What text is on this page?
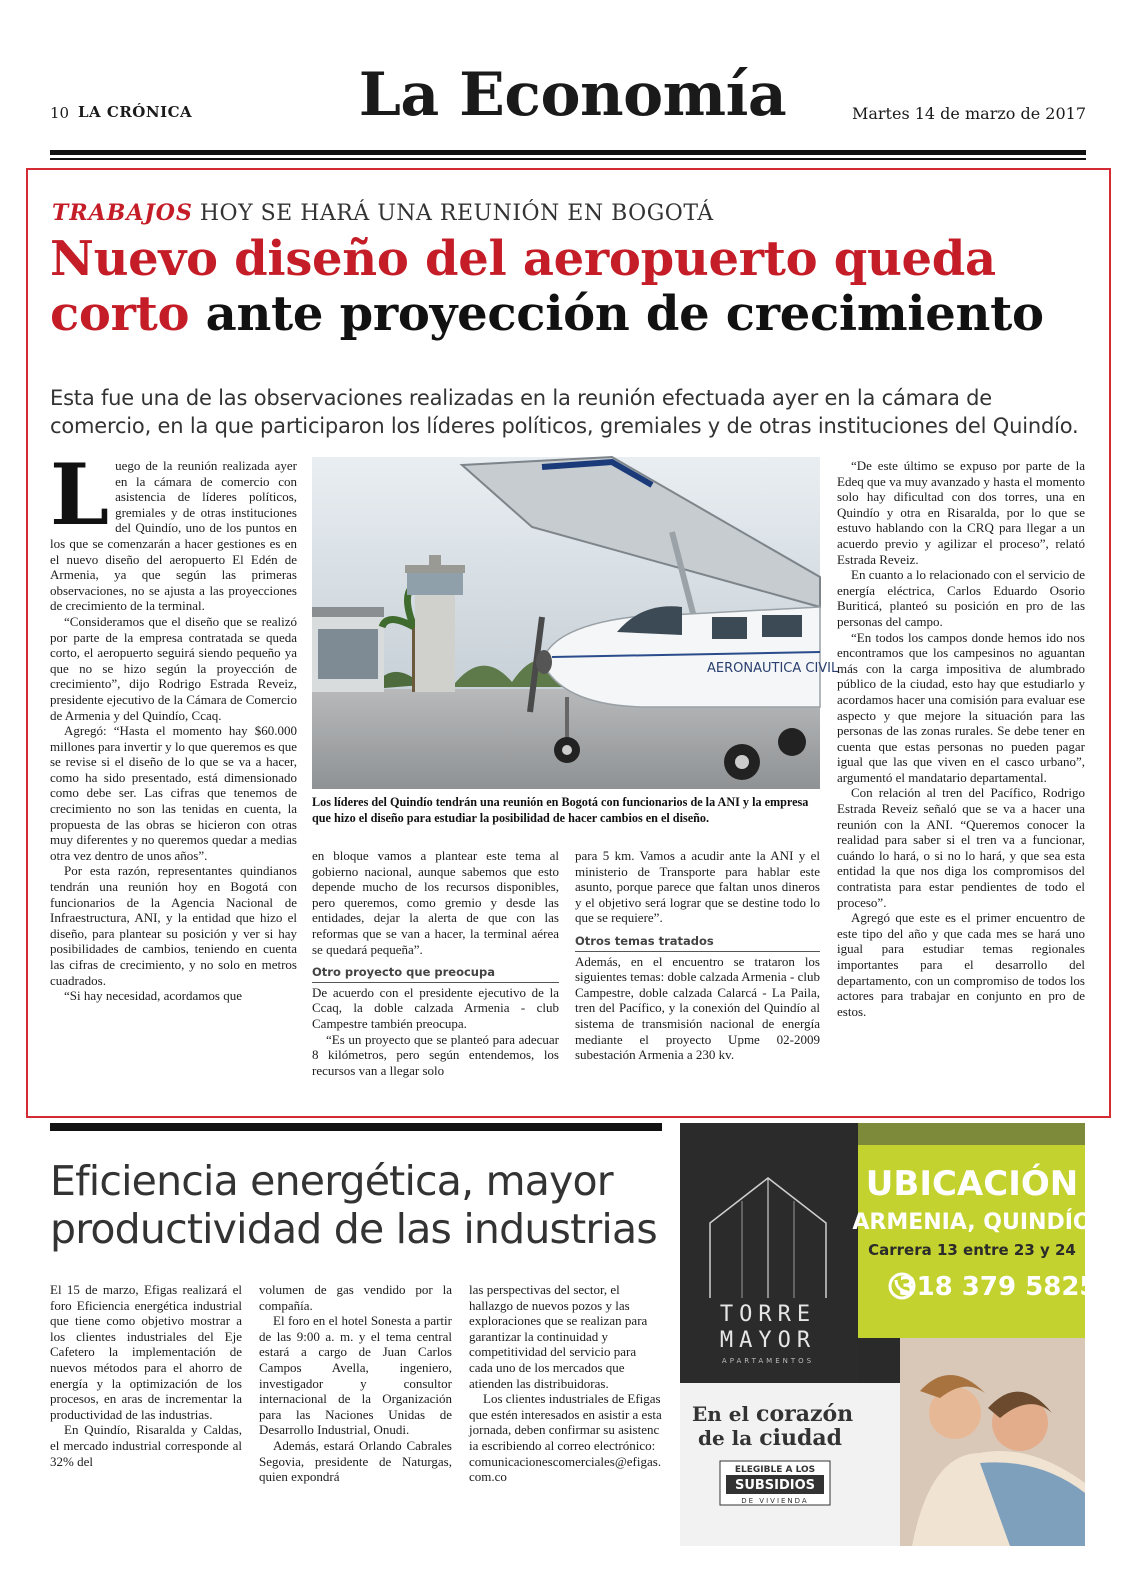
10 LA CRÓNICA	La Economía	Martes 14 de marzo de 2017
TRABAJOS HOY SE HARÁ UNA REUNIÓN EN BOGOTÁ
Nuevo diseño del aeropuerto queda
corto ante proyección de crecimiento
Esta fue una de las observaciones realizadas en la reunión efectuada ayer en la cámara de comercio, en la que participaron los líderes políticos, gremiales y de otras instituciones del Quindío.

Luego de la reunión realizada ayer en la cámara de comercio con asistencia de líderes políticos, gremiales y de otras instituciones del Quindío, uno de los puntos en los que se comenzarán a hacer gestiones es en el nuevo diseño del aeropuerto El Edén de Armenia, ya que según las primeras observaciones, no se ajusta a las proyecciones de crecimiento de la terminal.

“Consideramos que el diseño que se realizó por parte de la empresa contratada se queda corto, el aeropuerto seguirá siendo pequeño ya que no se hizo según la proyección de crecimiento”, dijo Rodrigo Estrada Reveiz, presidente ejecutivo de la Cámara de Comercio de Armenia y del Quindío, Ccaq.

Agregó: “Hasta el momento hay $60.000 millones para invertir y lo que queremos es que se revise si el diseño de lo que se va a hacer, como ha sido presentado, está dimensionado como debe ser. Las cifras que tenemos de crecimiento no son las tenidas en cuenta, la propuesta de las obras se hicieron con otras muy diferentes y no queremos quedar a medias otra vez dentro de unos años”.

Por esta razón, representantes quindianos tendrán una reunión hoy en Bogotá con funcionarios de la Agencia Nacional de Infraestructura, ANI, y la entidad que hizo el diseño, para plantear su posición y ver si hay posibilidades de cambios, teniendo en cuenta las cifras de crecimiento, y no solo en metros cuadrados.

“Si hay necesidad, acordamos que

AERONAUTICA CIVIL
Los líderes del Quindío tendrán una reunión en Bogotá con funcionarios de la ANI y la empresa que hizo el diseño para estudiar la posibilidad de hacer cambios en el diseño.

en bloque vamos a plantear este tema al gobierno nacional, aunque sabemos que esto depende mucho de los recursos disponibles, pero queremos, como gremio y desde las entidades, dejar la alerta de que con las reformas que se van a hacer, la terminal aérea se quedará pequeña”.

Otro proyecto que preocupa

De acuerdo con el presidente ejecutivo de la Ccaq, la doble calzada Armenia - club Campestre también preocupa.

“Es un proyecto que se planteó para adecuar 8 kilómetros, pero según entendemos, los recursos van a llegar solo

para 5 km. Vamos a acudir ante la ANI y el ministerio de Transporte para hablar este asunto, porque parece que faltan unos dineros y el objetivo será lograr que se destine todo lo que se requiere”.

Otros temas tratados

Además, en el encuentro se trataron los siguientes temas: doble calzada Armenia - club Campestre, doble calzada Calarcá - La Paila, tren del Pacífico, y la conexión del Quindío al sistema de transmisión nacional de energía mediante el proyecto Upme 02-2009 subestación Armenia a 230 kv.

“De este último se expuso por parte de la Edeq que va muy avanzado y hasta el momento solo hay dificultad con dos torres, una en Quindío y otra en Risaralda, por lo que se estuvo hablando con la CRQ para llegar a un acuerdo previo y agilizar el proceso”, relató Estrada Reveiz.

En cuanto a lo relacionado con el servicio de energía eléctrica, Carlos Eduardo Osorio Buriticá, planteó su posición en pro de las personas del campo.

“En todos los campos donde hemos ido nos encontramos que los campesinos no aguantan más con la carga impositiva de alumbrado público de la ciudad, esto hay que estudiarlo y acordamos hacer una comisión para evaluar ese aspecto y que mejore la situación para las personas de las zonas rurales. Se debe tener en cuenta que estas personas no pueden pagar igual que las que viven en el casco urbano”, argumentó el mandatario departamental.

Con relación al tren del Pacífico, Rodrigo Estrada Reveiz señaló que se va a hacer una reunión con la ANI. “Queremos conocer la realidad para saber si el tren va a funcionar, cuándo lo hará, o si no lo hará, y que sea esta entidad la que nos diga los compromisos del contratista para estar pendientes de todo el proceso”.

Agregó que este es el primer encuentro de este tipo del año y que cada mes se hará uno igual para estudiar temas regionales importantes para el desarrollo del departamento, con un compromiso de todos los actores para trabajar en conjunto en pro de estos.

Eficiencia energética, mayor
productividad de las industrias

El 15 de marzo, Efigas realizará el foro Eficiencia energética industrial que tiene como objetivo mostrar a los clientes industriales del Eje Cafetero la implementación de nuevos métodos para el ahorro de energía y la optimización de los procesos, en aras de incrementar la productividad de las industrias.

En Quindío, Risaralda y Caldas, el mercado industrial corresponde al 32% del

volumen de gas vendido por la compañía.

El foro en el hotel Sonesta a partir de las 9:00 a. m. y el tema central estará a cargo de Juan Carlos Campos Avella, ingeniero, investigador y consultor internacional de la Organización para las Naciones Unidas de Desarrollo Industrial, Onudi.

Además, estará Orlando Cabrales Segovia, presidente de Naturgas, quien expondrá

las perspectivas del sector, el hallazgo de nuevos pozos y las exploraciones que se realizan para garantizar la continuidad y competitividad del servicio para cada uno de los mercados que atienden las distribuidoras.

Los clientes industriales de Efigas que estén interesados en asistir a esta jornada, deben confirmar su asistencia escribiendo al correo electrónico: comunicacionescomerciales@efigas.com.co

TORRE
MAYOR
APARTAMENTOS
UBICACIÓN
ARMENIA, QUINDÍO
Carrera 13 entre 23 y 24
318 379 5825
En el corazón
de la ciudad
ELEGIBLE A LOS
SUBSIDIOS
DE VIVIENDA
